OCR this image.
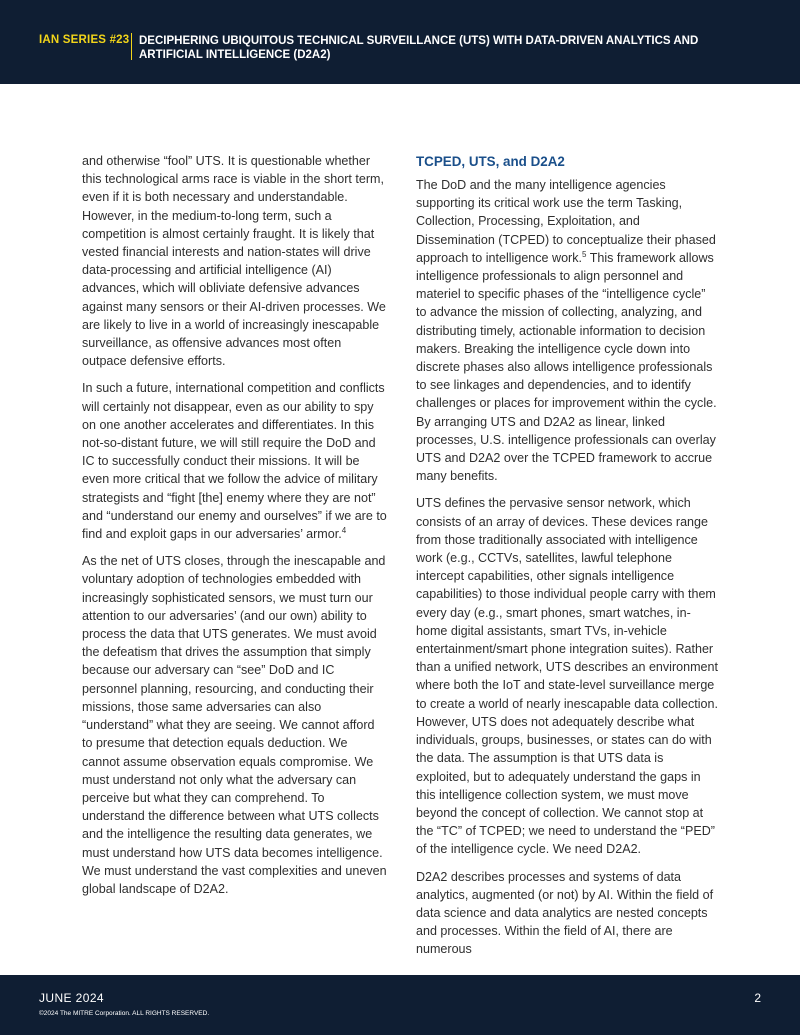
IAN SERIES #23 DECIPHERING UBIQUITOUS TECHNICAL SURVEILLANCE (UTS) WITH DATA-DRIVEN ANALYTICS AND ARTIFICIAL INTELLIGENCE (D2A2)

and otherwise “fool” UTS. It is questionable whether this technological arms race is viable in the short term, even if it is both necessary and understandable. However, in the medium-to-long term, such a competition is almost certainly fraught. It is likely that vested financial interests and nation-states will drive data-processing and artificial intelligence (AI) advances, which will obliviate defensive advances against many sensors or their AI-driven processes. We are likely to live in a world of increasingly inescapable surveillance, as offensive advances most often outpace defensive efforts.

In such a future, international competition and conflicts will certainly not disappear, even as our ability to spy on one another accelerates and differentiates. In this not-so-distant future, we will still require the DoD and IC to successfully conduct their missions. It will be even more critical that we follow the advice of military strategists and “fight [the] enemy where they are not” and “understand our enemy and ourselves” if we are to find and exploit gaps in our adversaries’ armor.$^4$

As the net of UTS closes, through the inescapable and voluntary adoption of technologies embedded with increasingly sophisticated sensors, we must turn our attention to our adversaries’ (and our own) ability to process the data that UTS generates. We must avoid the defeatism that drives the assumption that simply because our adversary can “see” DoD and IC personnel planning, resourcing, and conducting their missions, those same adversaries can also “understand” what they are seeing. We cannot afford to presume that detection equals deduction. We cannot assume observation equals compromise. We must understand not only what the adversary can perceive but what they can comprehend. To understand the difference between what UTS collects and the intelligence the resulting data generates, we must understand how UTS data becomes intelligence. We must understand the vast complexities and uneven global landscape of D2A2.

TCPED, UTS, and D2A2

The DoD and the many intelligence agencies supporting its critical work use the term Tasking, Collection, Processing, Exploitation, and Dissemination (TCPED) to conceptualize their phased approach to intelligence work.$^5$ This framework allows intelligence professionals to align personnel and materiel to specific phases of the “intelligence cycle” to advance the mission of collecting, analyzing, and distributing timely, actionable information to decision makers. Breaking the intelligence cycle down into discrete phases also allows intelligence professionals to see linkages and dependencies, and to identify challenges or places for improvement within the cycle. By arranging UTS and D2A2 as linear, linked processes, U.S. intelligence professionals can overlay UTS and D2A2 over the TCPED framework to accrue many benefits.

UTS defines the pervasive sensor network, which consists of an array of devices. These devices range from those traditionally associated with intelligence work (e.g., CCTVs, satellites, lawful telephone intercept capabilities, other signals intelligence capabilities) to those individual people carry with them every day (e.g., smart phones, smart watches, in-home digital assistants, smart TVs, in-vehicle entertainment/smart phone integration suites). Rather than a unified network, UTS describes an environment where both the IoT and state-level surveillance merge to create a world of nearly inescapable data collection. However, UTS does not adequately describe what individuals, groups, businesses, or states can do with the data. The assumption is that UTS data is exploited, but to adequately understand the gaps in this intelligence collection system, we must move beyond the concept of collection. We cannot stop at the “TC” of TCPED; we need to understand the “PED” of the intelligence cycle. We need D2A2.

D2A2 describes processes and systems of data analytics, augmented (or not) by AI. Within the field of data science and data analytics are nested concepts and processes. Within the field of AI, there are numerous

JUNE 2024
©2024 The MITRE Corporation. ALL RIGHTS RESERVED.
2
